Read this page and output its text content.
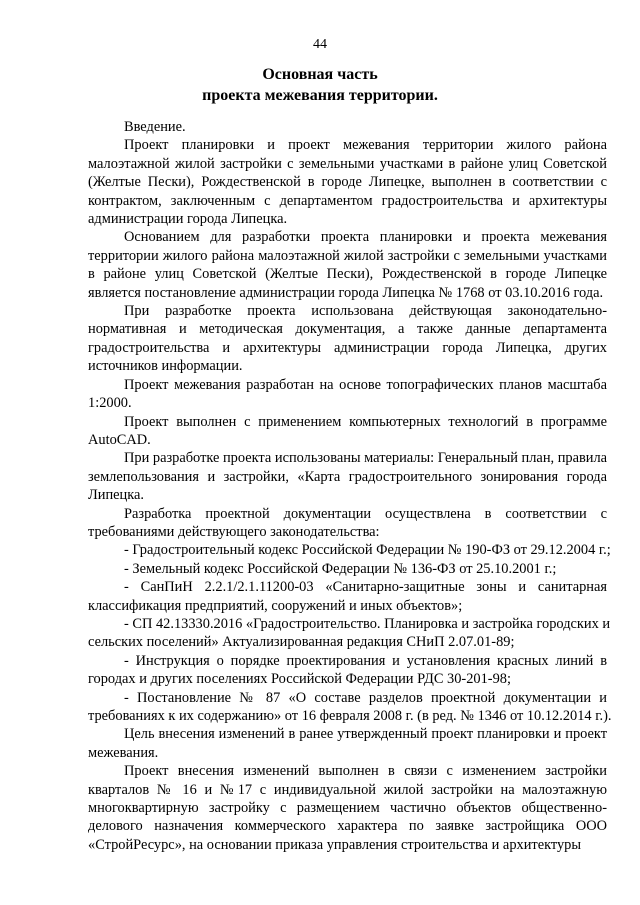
44
Основная часть
проекта межевания территории.
Введение.
Проект планировки и проект межевания территории жилого района
малоэтажной жилой застройки с земельными участками в районе улиц Советской
(Желтые Пески), Рождественской в городе Липецке, выполнен в соответствии с
контрактом, заключенным с департаментом градостроительства и архитектуры
администрации города Липецка.
Основанием для разработки проекта планировки и проекта межевания
территории жилого района малоэтажной жилой застройки с земельными участками
в районе улиц Советской (Желтые Пески), Рождественской в городе Липецке
является постановление администрации города Липецка № 1768 от 03.10.2016 года.
При разработке проекта использована действующая законодательно-
нормативная и методическая документация, а также данные департамента
градостроительства и архитектуры администрации города Липецка, других
источников информации.
Проект межевания разработан на основе топографических планов масштаба
1:2000.
Проект выполнен с применением компьютерных технологий в программе
AutoCAD.
При разработке проекта использованы материалы: Генеральный план, правила
землепользования и застройки, «Карта градостроительного зонирования города
Липецка.
Разработка проектной документации осуществлена в соответствии с
требованиями действующего законодательства:
- Градостроительный кодекс Российской Федерации № 190-ФЗ от 29.12.2004 г.;
- Земельный кодекс Российской Федерации № 136-ФЗ от 25.10.2001 г.;
- СанПиН 2.2.1/2.1.11200-03 «Санитарно-защитные зоны и санитарная
классификация предприятий, сооружений и иных объектов»;
- СП 42.13330.2016 «Градостроительство. Планировка и застройка городских и
сельских поселений» Актуализированная редакция СНиП 2.07.01-89;
- Инструкция о порядке проектирования и установления красных линий в
городах и других поселениях Российской Федерации РДС 30-201-98;
- Постановление № 87 «О составе разделов проектной документации и
требованиях к их содержанию» от 16 февраля 2008 г. (в ред. № 1346 от 10.12.2014 г.).
Цель внесения изменений в ранее утвержденный проект планировки и проект
межевания.
Проект внесения изменений выполнен в связи с изменением застройки
кварталов № 16 и №17 с индивидуальной жилой застройки на малоэтажную
многоквартирную застройку с размещением частично объектов общественно-
делового назначения коммерческого характера по заявке застройщика ООО
«СтройРесурс», на основании приказа управления строительства и архитектуры
